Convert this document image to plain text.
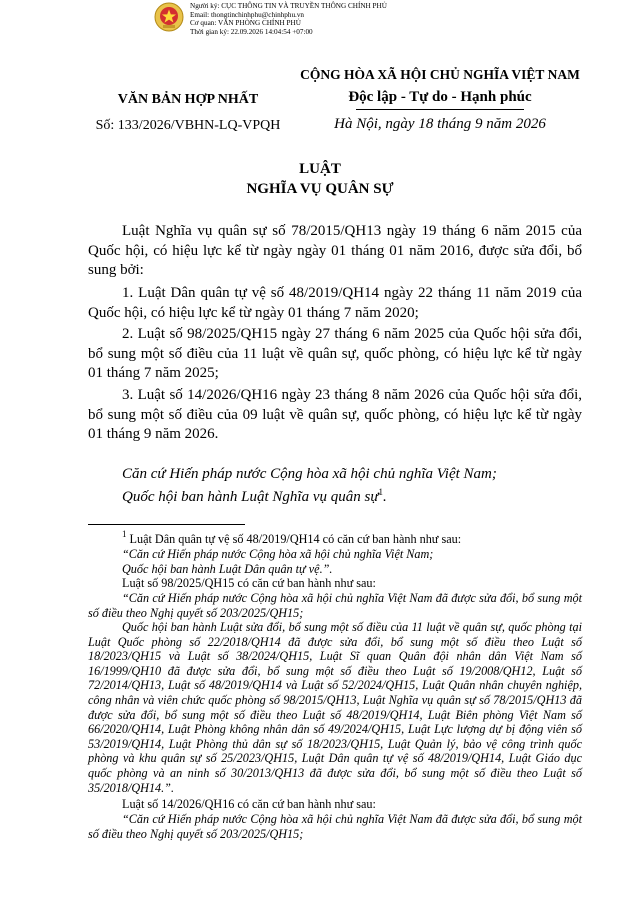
Người ký: CỤC THÔNG TIN VÀ TRUYỀN THÔNG CHÍNH PHỦ
Email: thongtinchinhphu@chinhphu.vn
Cơ quan: VĂN PHÒNG CHÍNH PHỦ
Thời gian ký: 22.09.2026 14:04:54 +07:00
VĂN BẢN HỢP NHẤT
Số: 133/2026/VBHN-LQ-VPQH
CỘNG HÒA XÃ HỘI CHỦ NGHĨA VIỆT NAM
Độc lập - Tự do - Hạnh phúc
Hà Nội, ngày 18 tháng 9 năm 2026
LUẬT
NGHĨA VỤ QUÂN SỰ
Luật Nghĩa vụ quân sự số 78/2015/QH13 ngày 19 tháng 6 năm 2015 của Quốc hội, có hiệu lực kể từ ngày ngày 01 tháng 01 năm 2016, được sửa đổi, bổ sung bởi:
1. Luật Dân quân tự vệ số 48/2019/QH14 ngày 22 tháng 11 năm 2019 của Quốc hội, có hiệu lực kể từ ngày 01 tháng 7 năm 2020;
2. Luật số 98/2025/QH15 ngày 27 tháng 6 năm 2025 của Quốc hội sửa đổi, bổ sung một số điều của 11 luật về quân sự, quốc phòng, có hiệu lực kể từ ngày 01 tháng 7 năm 2025;
3. Luật số 14/2026/QH16 ngày 23 tháng 8 năm 2026 của Quốc hội sửa đổi, bổ sung một số điều của 09 luật về quân sự, quốc phòng, có hiệu lực kể từ ngày 01 tháng 9 năm 2026.
Căn cứ Hiến pháp nước Cộng hòa xã hội chủ nghĩa Việt Nam;
Quốc hội ban hành Luật Nghĩa vụ quân sự$^1$.
$^1$ Luật Dân quân tự vệ số 48/2019/QH14 có căn cứ ban hành như sau:
“Căn cứ Hiến pháp nước Cộng hòa xã hội chủ nghĩa Việt Nam;
Quốc hội ban hành Luật Dân quân tự vệ.”.
Luật số 98/2025/QH15 có căn cứ ban hành như sau:
“Căn cứ Hiến pháp nước Cộng hòa xã hội chủ nghĩa Việt Nam đã được sửa đổi, bổ sung một số điều theo Nghị quyết số 203/2025/QH15;
Quốc hội ban hành Luật sửa đổi, bổ sung một số điều của 11 luật về quân sự, quốc phòng tại Luật Quốc phòng số 22/2018/QH14 đã được sửa đổi, bổ sung một số điều theo Luật số 18/2023/QH15 và Luật số 38/2024/QH15, Luật Sĩ quan Quân đội nhân dân Việt Nam số 16/1999/QH10 đã được sửa đổi, bổ sung một số điều theo Luật số 19/2008/QH12, Luật số 72/2014/QH13, Luật số 48/2019/QH14 và Luật số 52/2024/QH15, Luật Quân nhân chuyên nghiệp, công nhân và viên chức quốc phòng số 98/2015/QH13, Luật Nghĩa vụ quân sự số 78/2015/QH13 đã được sửa đổi, bổ sung một số điều theo Luật số 48/2019/QH14, Luật Biên phòng Việt Nam số 66/2020/QH14, Luật Phòng không nhân dân số 49/2024/QH15, Luật Lực lượng dự bị động viên số 53/2019/QH14, Luật Phòng thủ dân sự số 18/2023/QH15, Luật Quản lý, bảo vệ công trình quốc phòng và khu quân sự số 25/2023/QH15, Luật Dân quân tự vệ số 48/2019/QH14, Luật Giáo dục quốc phòng và an ninh số 30/2013/QH13 đã được sửa đổi, bổ sung một số điều theo Luật số 35/2018/QH14.”.
Luật số 14/2026/QH16 có căn cứ ban hành như sau:
“Căn cứ Hiến pháp nước Cộng hòa xã hội chủ nghĩa Việt Nam đã được sửa đổi, bổ sung một số điều theo Nghị quyết số 203/2025/QH15;
